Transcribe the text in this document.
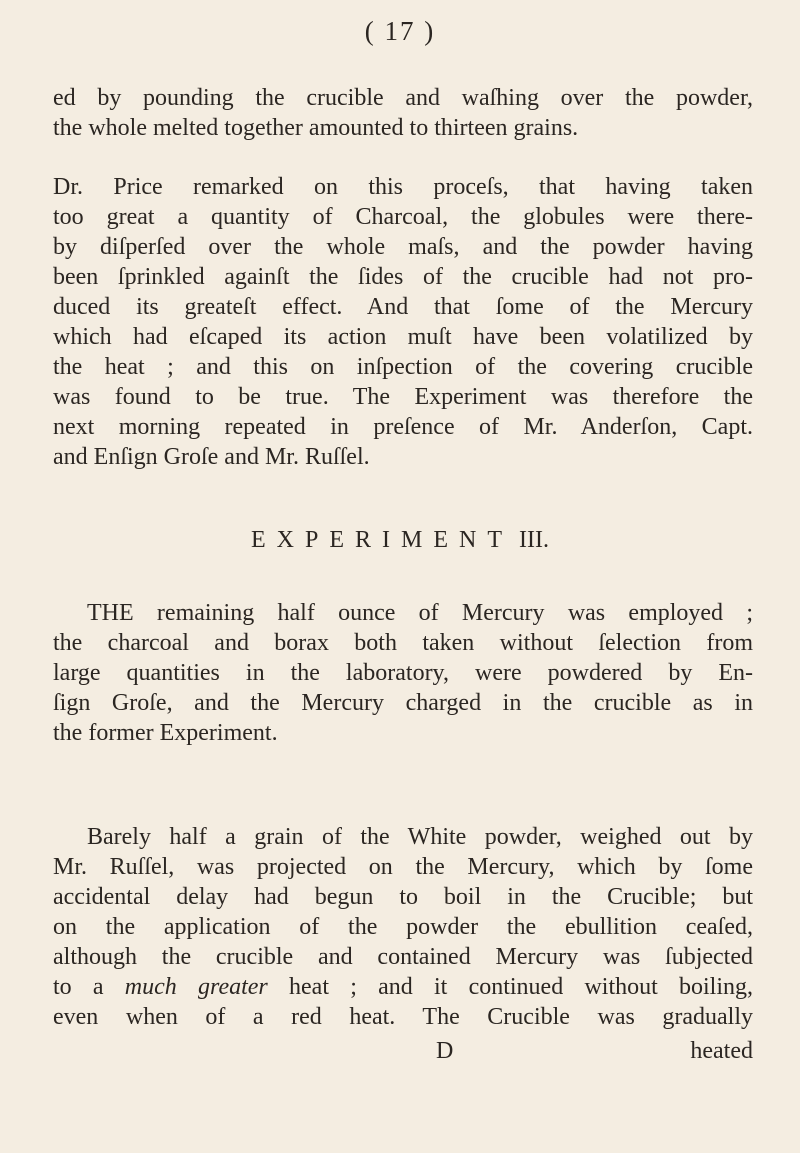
( 17 )
ed by pounding the crucible and waſhing over the powder,
the whole melted together amounted to thirteen grains.
Dr. Price remarked on this proceſs, that having taken
too great a quantity of Charcoal, the globules were there-
by diſperſed over the whole maſs, and the powder having
been ſprinkled againſt the ſides of the crucible had not pro-
duced its greateſt effect. And that ſome of the Mercury
which had eſcaped its action muſt have been volatilized by
the heat ; and this on inſpection of the covering crucible
was found to be true. The Experiment was therefore the
next morning repeated in preſence of Mr. Anderſon, Capt.
and Enſign Groſe and Mr. Ruſſel.
EXPERIMENT III.
THE remaining half ounce of Mercury was employed ;
the charcoal and borax both taken without ſelection from
large quantities in the laboratory, were powdered by En-
ſign Groſe, and the Mercury charged in the crucible as in
the former Experiment.
Barely half a grain of the White powder, weighed out by
Mr. Ruſſel, was projected on the Mercury, which by ſome
accidental delay had begun to boil in the Crucible; but
on the application of the powder the ebullition ceaſed,
although the crucible and contained Mercury was ſubjected
to a much greater heat ; and it continued without boiling,
even when of a red heat. The Crucible was gradually
D	heated
